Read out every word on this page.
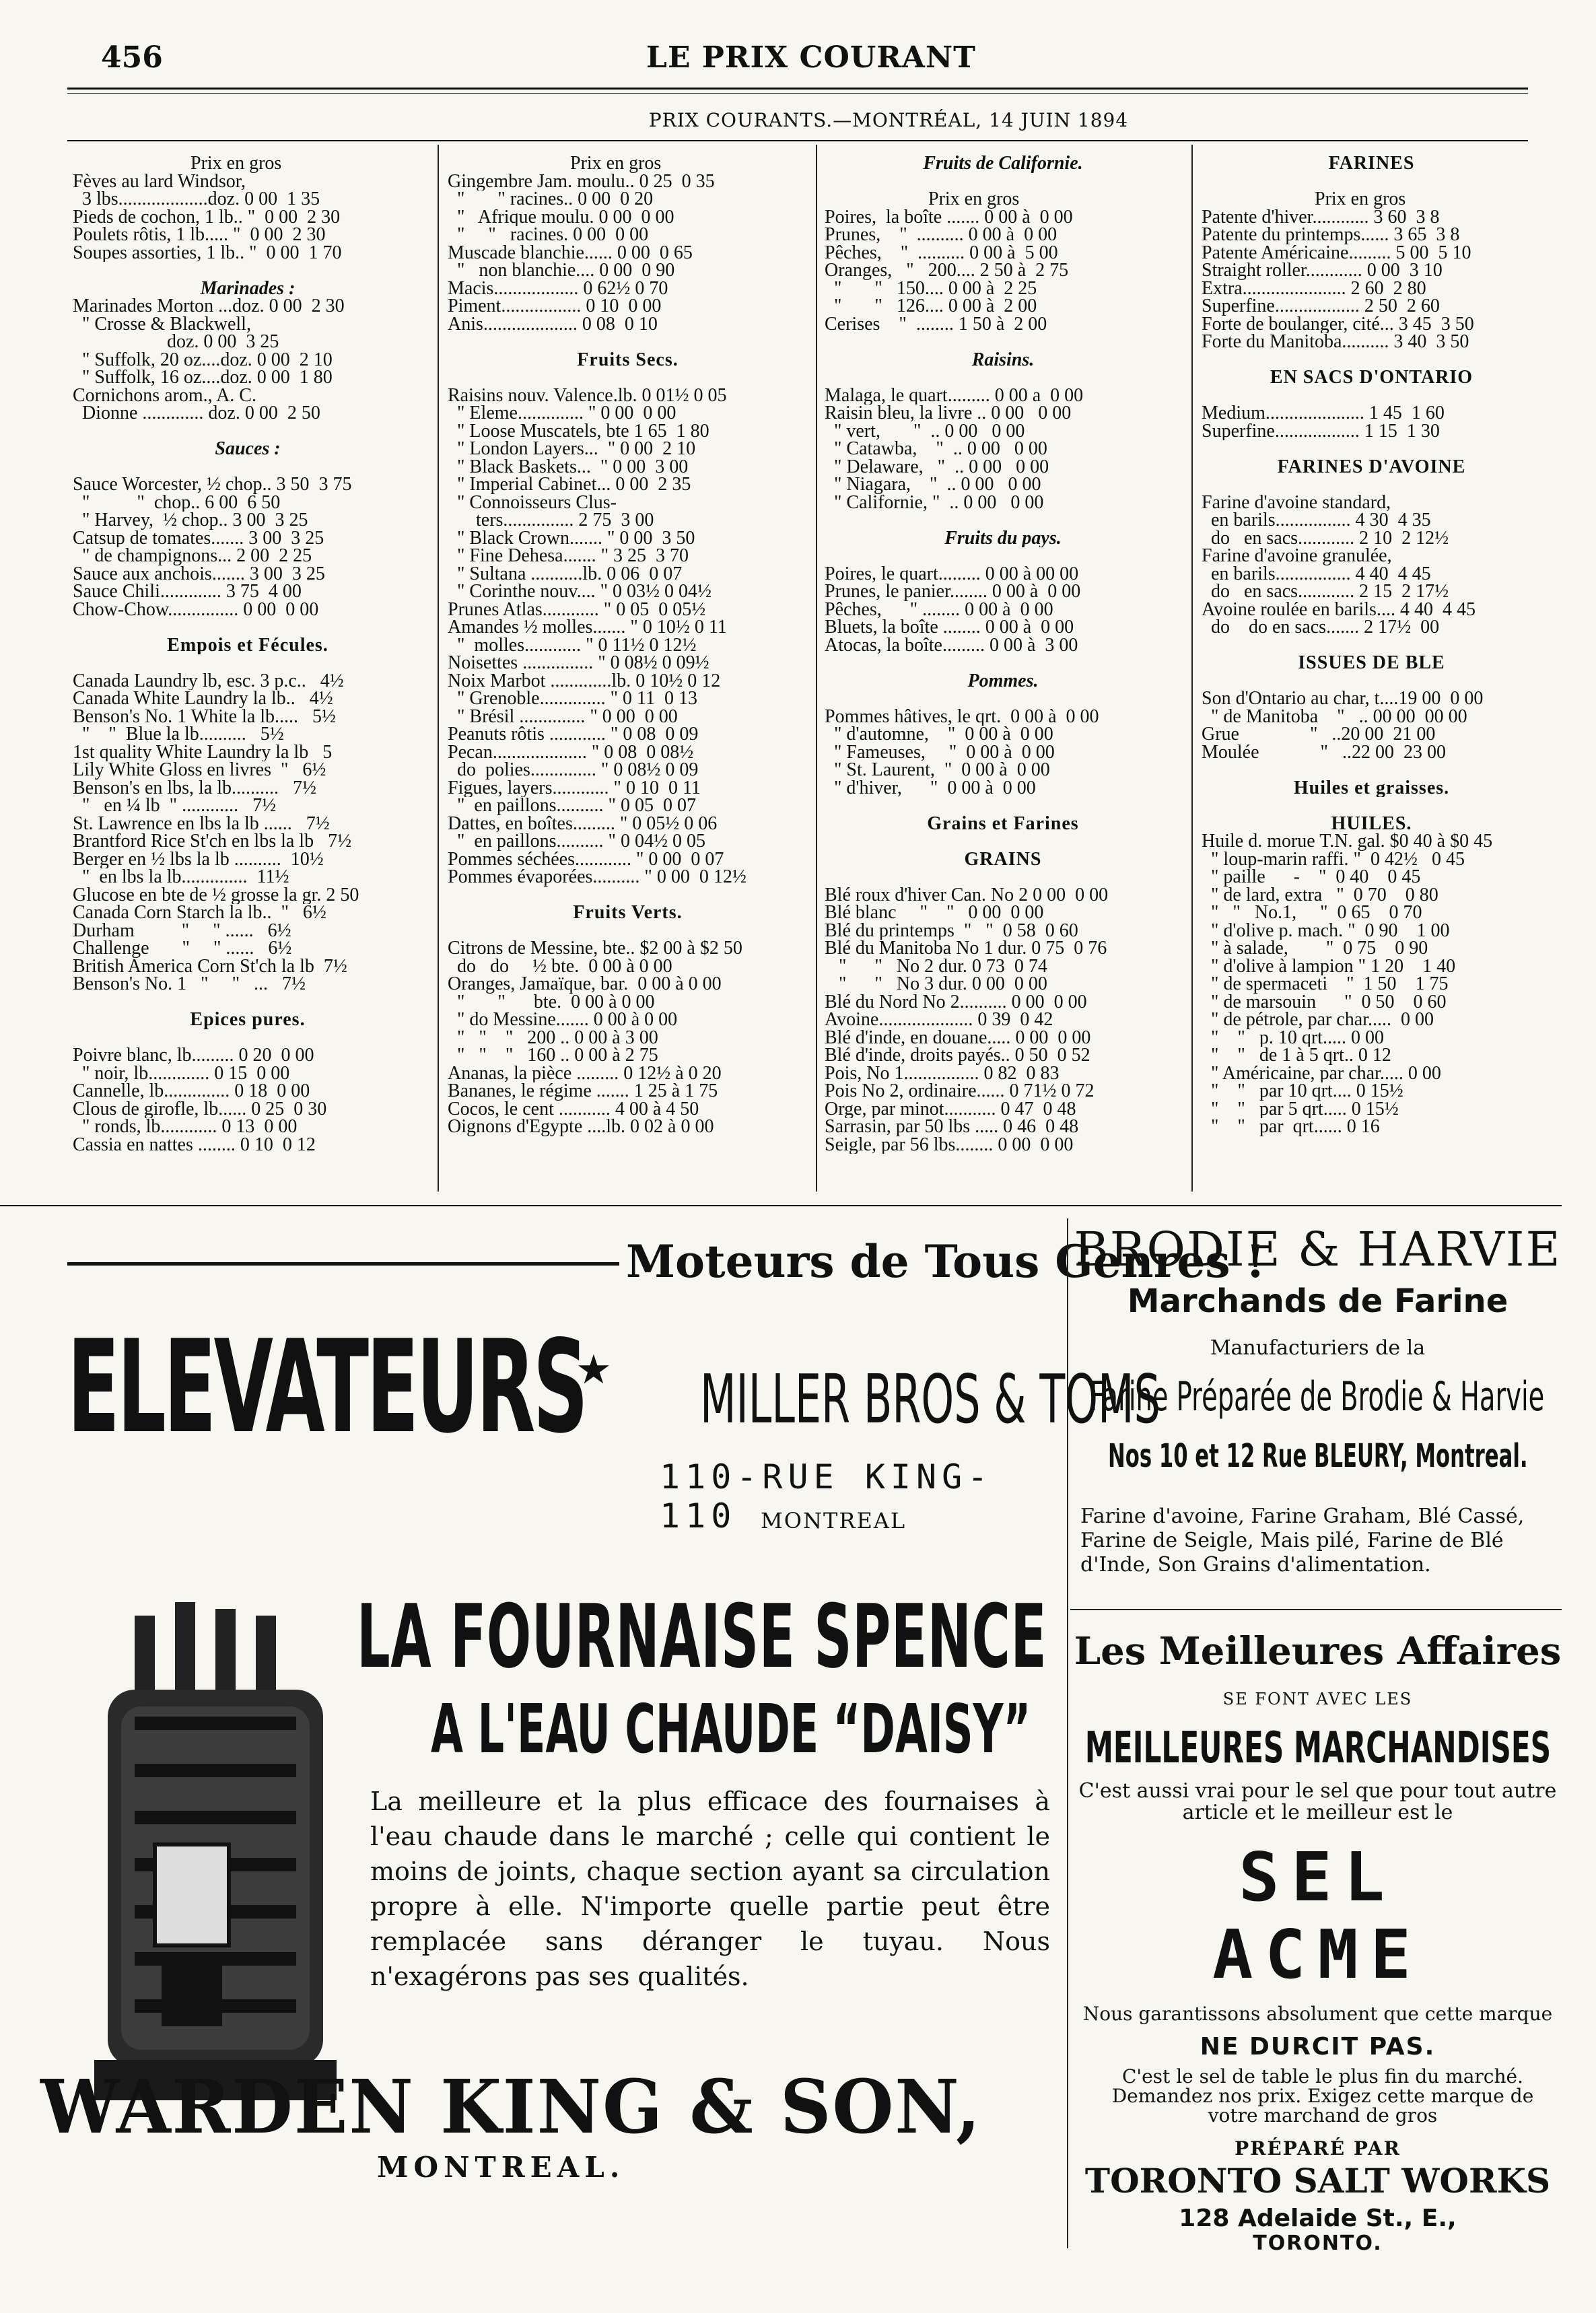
456	LE PRIX COURANT
PRIX COURANTS.—MONTRÉAL, 14 JUIN 1894
Prix en gros
Fèves au lard Windsor,
3 lbs...................doz. 0 00  1 35
Pieds de cochon, 1 lb.. "  0 00  2 30
Poulets rôtis, 1 lb..... "  0 00  2 30
Soupes assorties, 1 lb.. "  0 00  1 70
Marinades :
Marinades Morton ...doz. 0 00  2 30
" Crosse & Blackwell,
doz. 0 00  3 25
" Suffolk, 20 oz....doz. 0 00  2 10
" Suffolk, 16 oz....doz. 0 00  1 80
Cornichons arom., A. C.
Dionne ............. doz. 0 00  2 50
Sauces :
Sauce Worcester, ½ chop.. 3 50  3 75
"          "  chop.. 6 00  6 50
" Harvey,  ½ chop.. 3 00  3 25
Catsup de tomates....... 3 00  3 25
" de champignons... 2 00  2 25
Sauce aux anchois....... 3 00  3 25
Sauce Chili............. 3 75  4 00
Chow-Chow............... 0 00  0 00
Empois et Fécules.
Canada Laundry lb, esc. 3 p.c..   4½
Canada White Laundry la lb..   4½
Benson's No. 1 White la lb.....   5½
"    "  Blue la lb..........   5½
1st quality White Laundry la lb   5
Lily White Gloss en livres  "   6½
Benson's en lbs, la lb..........   7½
"   en ¼ lb  " ............   7½
St. Lawrence en lbs la lb ......   7½
Brantford Rice St'ch en lbs la lb   7½
Berger en ½ lbs la lb ..........  10½
"  en lbs la lb..............  11½
Glucose en bte de ½ grosse la gr. 2 50
Canada Corn Starch la lb..  "   6½
Durham          "     " ......   6½
Challenge       "     " ......   6½
British America Corn St'ch la lb  7½
Benson's No. 1   "     "   ...   7½
Epices pures.
Poivre blanc, lb......... 0 20  0 00
" noir, lb............. 0 15  0 00
Cannelle, lb.............. 0 18  0 00
Clous de girofle, lb...... 0 25  0 30
" ronds, lb............ 0 13  0 00
Cassia en nattes ........ 0 10  0 12
Prix en gros
Gingembre Jam. moulu.. 0 25  0 35
"       " racines.. 0 00  0 20
"   Afrique moulu. 0 00  0 00
"     "   racines. 0 00  0 00
Muscade blanchie...... 0 00  0 65
"   non blanchie.... 0 00  0 90
Macis.................. 0 62½ 0 70
Piment................. 0 10  0 00
Anis.................... 0 08  0 10
Fruits Secs.
Raisins nouv. Valence.lb. 0 01½ 0 05
" Eleme.............. " 0 00  0 00
" Loose Muscatels, bte 1 65  1 80
" London Layers...  " 0 00  2 10
" Black Baskets...  " 0 00  3 00
" Imperial Cabinet... 0 00  2 35
" Connoisseurs Clus-
ters............... 2 75  3 00
" Black Crown....... " 0 00  3 50
" Fine Dehesa....... " 3 25  3 70
" Sultana ...........lb. 0 06  0 07
" Corinthe nouv.... " 0 03½ 0 04½
Prunes Atlas............ " 0 05  0 05½
Amandes ½ molles....... " 0 10½ 0 11
"  molles............ " 0 11½ 0 12½
Noisettes ............... " 0 08½ 0 09½
Noix Marbot .............lb. 0 10½ 0 12
" Grenoble.............. " 0 11  0 13
" Brésil .............. " 0 00  0 00
Peanuts rôtis ............ " 0 08  0 09
Pecan.................... " 0 08  0 08½
do  polies.............. " 0 08½ 0 09
Figues, layers............ " 0 10  0 11
"  en paillons.......... " 0 05  0 07
Dattes, en boîtes......... " 0 05½ 0 06
"  en paillons.......... " 0 04½ 0 05
Pommes séchées............ " 0 00  0 07
Pommes évaporées.......... " 0 00  0 12½
Fruits Verts.
Citrons de Messine, bte.. $2 00 à $2 50
do   do     ½ bte.  0 00 à 0 00
Oranges, Jamaïque, bar.  0 00 à 0 00
"       "      bte.  0 00 à 0 00
" do Messine....... 0 00 à 0 00
"   "    "   200 .. 0 00 à 3 00
"   "    "   160 .. 0 00 à 2 75
Ananas, la pièce ......... 0 12½ à 0 20
Bananes, le régime ....... 1 25 à 1 75
Cocos, le cent ........... 4 00 à 4 50
Oignons d'Egypte ....lb. 0 02 à 0 00
Fruits de Californie.
Prix en gros
Poires,  la boîte ....... 0 00 à  0 00
Prunes,    "  .......... 0 00 à  0 00
Pêches,    "  .......... 0 00 à  5 00
Oranges,   "   200.... 2 50 à  2 75
"       "   150.... 0 00 à  2 25
"       "   126.... 0 00 à  2 00
Cerises    "  ........ 1 50 à  2 00
Raisins.
Malaga, le quart......... 0 00 a  0 00
Raisin bleu, la livre .. 0 00   0 00
" vert,       "  .. 0 00   0 00
" Catawba,    "  .. 0 00   0 00
" Delaware,   "  .. 0 00   0 00
" Niagara,    "  .. 0 00   0 00
" Californie, "  .. 0 00   0 00
Fruits du pays.
Poires, le quart......... 0 00 à 00 00
Prunes, le panier........ 0 00 à  0 00
Pêches,      " ........ 0 00 à  0 00
Bluets, la boîte ........ 0 00 à  0 00
Atocas, la boîte......... 0 00 à  3 00
Pommes.
Pommes hâtives, le qrt.  0 00 à  0 00
" d'automne,    "  0 00 à  0 00
" Fameuses,     "  0 00 à  0 00
" St. Laurent,  "  0 00 à  0 00
" d'hiver,      "  0 00 à  0 00
Grains et Farines
GRAINS
Blé roux d'hiver Can. No 2 0 00  0 00
Blé blanc     "    "   0 00  0 00
Blé du printemps  "   "  0 58  0 60
Blé du Manitoba No 1 dur. 0 75  0 76
"      "   No 2 dur. 0 73  0 74
"      "   No 3 dur. 0 00  0 00
Blé du Nord No 2.......... 0 00  0 00
Avoine.................... 0 39  0 42
Blé d'inde, en douane..... 0 00  0 00
Blé d'inde, droits payés.. 0 50  0 52
Pois, No 1................ 0 82  0 83
Pois No 2, ordinaire...... 0 71½ 0 72
Orge, par minot........... 0 47  0 48
Sarrasin, par 50 lbs ..... 0 46  0 48
Seigle, par 56 lbs........ 0 00  0 00
FARINES
Prix en gros
Patente d'hiver............ 3 60  3 8
Patente du printemps...... 3 65  3 8
Patente Américaine......... 5 00  5 10
Straight roller............ 0 00  3 10
Extra...................... 2 60  2 80
Superfine.................. 2 50  2 60
Forte de boulanger, cité... 3 45  3 50
Forte du Manitoba.......... 3 40  3 50
EN SACS D'ONTARIO
Medium..................... 1 45  1 60
Superfine.................. 1 15  1 30
FARINES D'AVOINE
Farine d'avoine standard,
en barils................ 4 30  4 35
do   en sacs............ 2 10  2 12½
Farine d'avoine granulée,
en barils................ 4 40  4 45
do   en sacs............ 2 15  2 17½
Avoine roulée en barils.... 4 40  4 45
do    do en sacs....... 2 17½  00
ISSUES DE BLE
Son d'Ontario au char, t....19 00  0 00
" de Manitoba    "   .. 00 00  00 00
Grue               "   ..20 00  21 00
Moulée             "   ..22 00  23 00
Huiles et graisses.
HUILES.
Huile d. morue T.N. gal. $0 40 à $0 45
" loup-marin raffi. "  0 42½   0 45
" paille      -    "  0 40    0 45
" de lard, extra   "  0 70    0 80
"   "   No.1,     "  0 65    0 70
" d'olive p. mach. "  0 90    1 00
" à salade,        "  0 75    0 90
" d'olive à lampion " 1 20    1 40
" de spermaceti    "  1 50    1 75
" de marsouin      "  0 50    0 60
" de pétrole, par char.....  0 00
"    "   p. 10 qrt..... 0 00
"    "   de 1 à 5 qrt.. 0 12
" Américaine, par char..... 0 00
"    "   par 10 qrt.... 0 15½
"    "   par 5 qrt..... 0 15½
"    "   par  qrt...... 0 16
Moteurs de Tous Genres !
ELEVATEURS
★ MILLER BROS & TOMS
110-RUE KING-110	MONTREAL
BRODIE & HARVIE
Marchands de Farine
Manufacturiers de la
Farine Préparée de Brodie & Harvie
Nos 10 et 12 Rue BLEURY, Montreal.
Farine d'avoine, Farine Graham, Blé Cassé, Farine de Seigle, Mais pilé, Farine de Blé d'Inde, Son Grains d'alimentation.
LA FOURNAISE SPENCE
A L'EAU CHAUDE “DAISY”
La meilleure et la plus efficace des fournaises à l'eau chaude dans le marché ; celle qui contient le moins de joints, chaque section ayant sa circulation propre à elle. N'importe quelle partie peut être remplacée sans déranger le tuyau. Nous n'exagérons pas ses qualités.
WARDEN KING & SON,
MONTREAL.
Les Meilleures Affaires
SE FONT AVEC LES
MEILLEURES MARCHANDISES
C'est aussi vrai pour le sel que pour tout autre article et le meilleur est le
SEL
ACME
Nous garantissons absolument que cette marque
NE DURCIT PAS.
C'est le sel de table le plus fin du marché. Demandez nos prix. Exigez cette marque de votre marchand de gros
PRÉPARÉ PAR
TORONTO SALT WORKS
128 Adelaide St., E.,
TORONTO.
